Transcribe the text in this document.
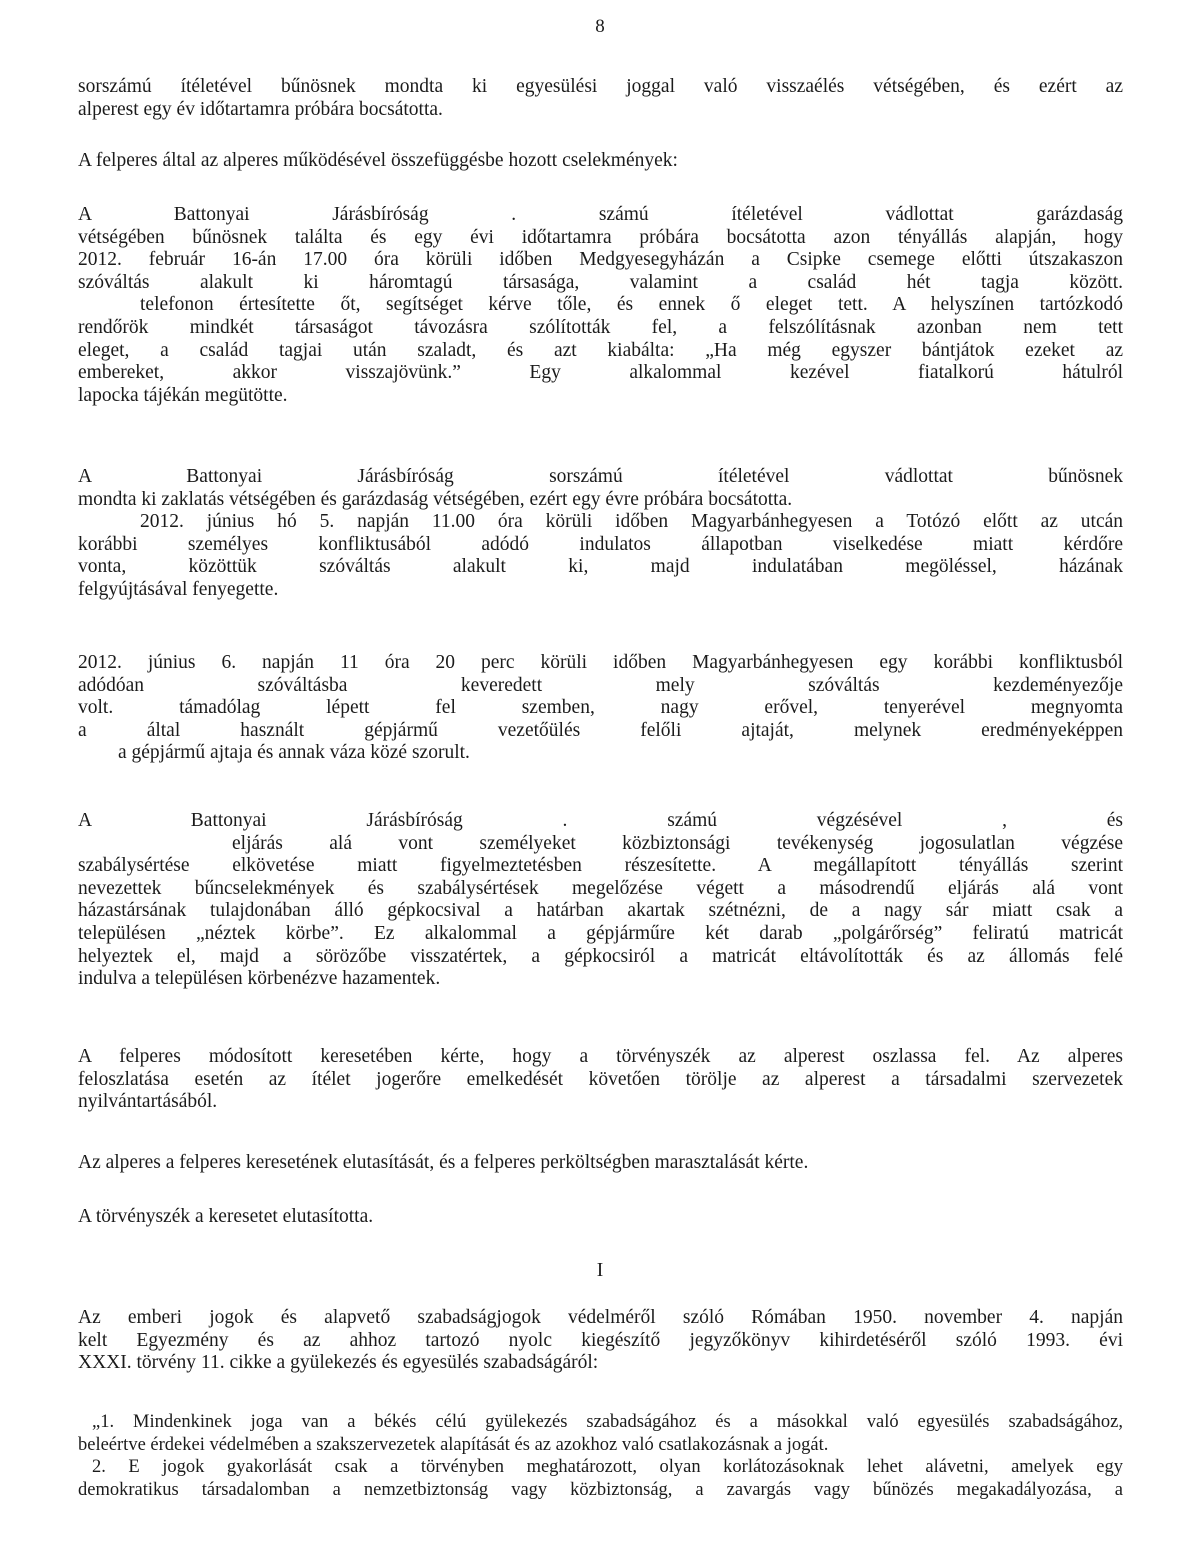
8

sorszámú ítéletével bűnösnek mondta ki egyesülési joggal való visszaélés vétségében, és ezért az

alperest egy év időtartamra próbára bocsátotta.

A felperes által az alperes működésével összefüggésbe hozott cselekmények:

A Battonyai Járásbíróság . számú ítéletével vádlottat garázdaság

vétségében bűnösnek találta és egy évi időtartamra próbára bocsátotta azon tényállás alapján, hogy

2012. február 16-án 17.00 óra körüli időben Medgyesegyházán a Csipke csemege előtti útszakaszon

szóváltás alakult ki háromtagú társasága, valamint a család hét tagja között.

telefonon értesítette őt, segítséget kérve tőle, és ennek ő eleget tett. A helyszínen tartózkodó

rendőrök mindkét társaságot távozásra szólították fel, a felszólításnak azonban nem tett

eleget, a család tagjai után szaladt, és azt kiabálta: „Ha még egyszer bántjátok ezeket az

embereket, akkor visszajövünk.” Egy alkalommal kezével fiatalkorú hátulról

lapocka tájékán megütötte.

A Battonyai Járásbíróság sorszámú ítéletével vádlottat bűnösnek

mondta ki zaklatás vétségében és garázdaság vétségében, ezért egy évre próbára bocsátotta.

2012. június hó 5. napján 11.00 óra körüli időben Magyarbánhegyesen a Totózó előtt az utcán

korábbi személyes konfliktusából adódó indulatos állapotban viselkedése miatt kérdőre

vonta, közöttük szóváltás alakult ki, majd indulatában megöléssel, házának

felgyújtásával fenyegette.

2012. június 6. napján 11 óra 20 perc körüli időben Magyarbánhegyesen egy korábbi konfliktusból

adódóan szóváltásba keveredett mely szóváltás kezdeményezője

volt. támadólag lépett fel szemben, nagy erővel, tenyerével megnyomta

a által használt gépjármű vezetőülés felőli ajtaját, melynek eredményeképpen

a gépjármű ajtaja és annak váza közé szorult.

A Battonyai Járásbíróság . számú végzésével , és

eljárás alá vont személyeket közbiztonsági tevékenység jogosulatlan végzése

szabálysértése elkövetése miatt figyelmeztetésben részesítette. A megállapított tényállás szerint

nevezettek bűncselekmények és szabálysértések megelőzése végett a másodrendű eljárás alá vont

házastársának tulajdonában álló gépkocsival a határban akartak szétnézni, de a nagy sár miatt csak a

településen „néztek körbe”. Ez alkalommal a gépjárműre két darab „polgárőrség” feliratú matricát

helyeztek el, majd a sörözőbe visszatértek, a gépkocsiról a matricát eltávolították és az állomás felé

indulva a településen körbenézve hazamentek.

A felperes módosított keresetében kérte, hogy a törvényszék az alperest oszlassa fel. Az alperes

feloszlatása esetén az ítélet jogerőre emelkedését követően törölje az alperest a társadalmi szervezetek

nyilvántartásából.

Az alperes a felperes keresetének elutasítását, és a felperes perköltségben marasztalását kérte.

A törvényszék a keresetet elutasította.

I

Az emberi jogok és alapvető szabadságjogok védelméről szóló Rómában 1950. november 4. napján

kelt Egyezmény és az ahhoz tartozó nyolc kiegészítő jegyzőkönyv kihirdetéséről szóló 1993. évi

XXXI. törvény 11. cikke a gyülekezés és egyesülés szabadságáról:

„1. Mindenkinek joga van a békés célú gyülekezés szabadságához és a másokkal való egyesülés szabadságához,

beleértve érdekei védelmében a szakszervezetek alapítását és az azokhoz való csatlakozásnak a jogát.

2. E jogok gyakorlását csak a törvényben meghatározott, olyan korlátozásoknak lehet alávetni, amelyek egy

demokratikus társadalomban a nemzetbiztonság vagy közbiztonság, a zavargás vagy bűnözés megakadályozása, a
